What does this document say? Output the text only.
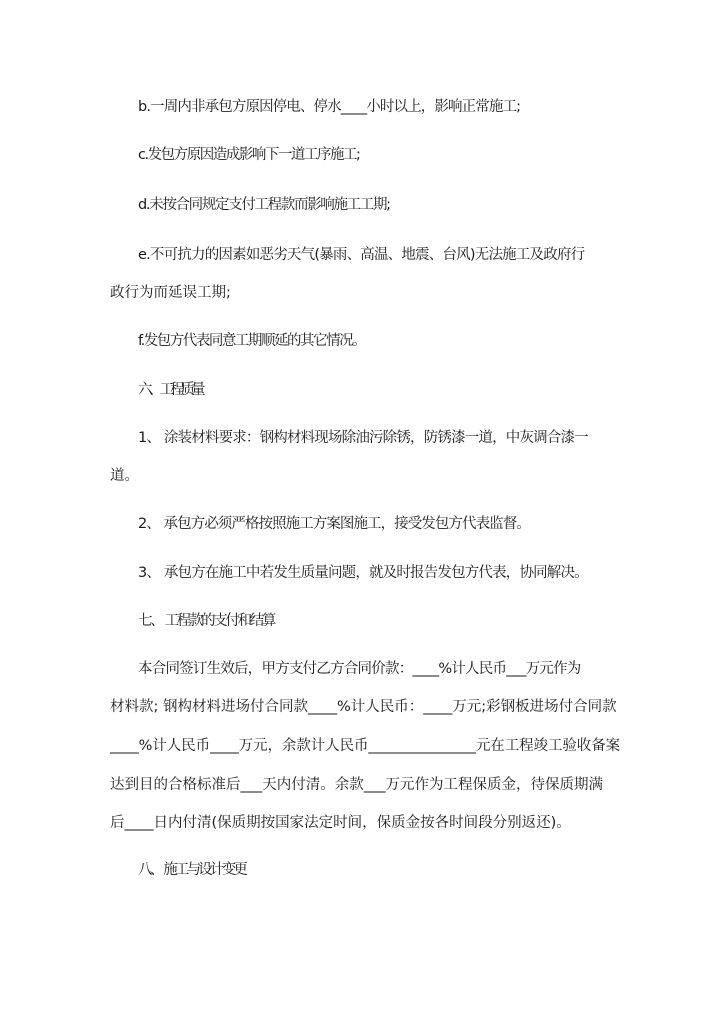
b.一周内非承包方原因停电、停水____小时以上，影响正常施工;
c.发包方原因造成影响下一道工序施工;
d.未按合同规定支付工程款而影响施工工期;
e.不可抗力的因素如恶劣天气(暴雨、高温、地震、台风)无法施工及政府行
政行为而延误工期;
f.发包方代表同意工期顺延的其它情况。
六、 工程质量
1、 涂装材料要求：钢构材料现场除油污除锈，防锈漆一道，中灰调合漆一
道。
2、 承包方必须严格按照施工方案图施工，接受发包方代表监督。
3、 承包方在施工中若发生质量问题，就及时报告发包方代表，协同解决。
七、 工程款的支付和结算
本合同签订生效后，甲方支付乙方合同价款：____%计人民币___万元作为
材料款; 钢构材料进场付合同款____%计人民币：____万元;彩钢板进场付合同款
____%计人民币____万元，余款计人民币_______________元在工程竣工验收备案
达到目的合格标准后___天内付清。余款___万元作为工程保质金，待保质期满
后____日内付清(保质期按国家法定时间，保质金按各时间段分别返还)。
八、 施工与设计变更
